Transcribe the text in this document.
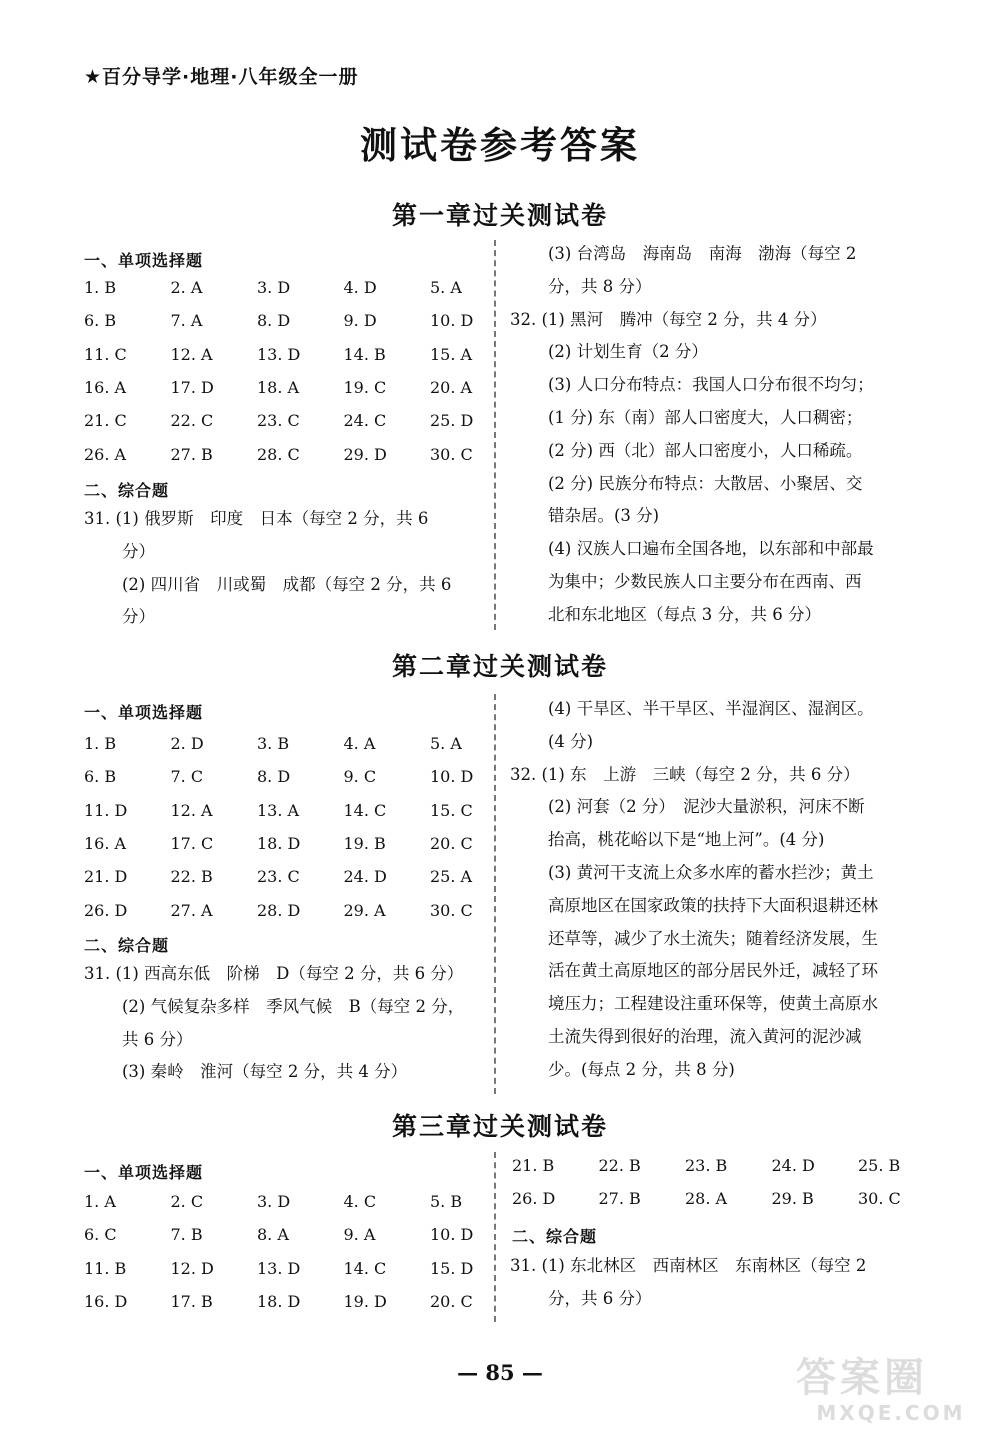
★百分导学·地理·八年级全一册
测试卷参考答案
第一章过关测试卷
一、单项选择题
1. B	2. A	3. D	4. D	5. A
6. B	7. A	8. D	9. D	10. D
11. C	12. A	13. D	14. B	15. A
16. A	17. D	18. A	19. C	20. A
21. C	22. C	23. C	24. C	25. D
26. A	27. B	28. C	29. D	30. C
二、综合题
31. (1) 俄罗斯　印度　日本（每空 2 分，共 6
分）
(2) 四川省　川或蜀　成都（每空 2 分，共 6
分）
(3) 台湾岛　海南岛　南海　渤海（每空 2
分，共 8 分）
32. (1) 黑河　腾冲（每空 2 分，共 4 分）
(2) 计划生育（2 分）
(3) 人口分布特点：我国人口分布很不均匀；
(1 分) 东（南）部人口密度大，人口稠密；
(2 分) 西（北）部人口密度小，人口稀疏。
(2 分) 民族分布特点：大散居、小聚居、交
错杂居。(3 分)
(4) 汉族人口遍布全国各地，以东部和中部最
为集中；少数民族人口主要分布在西南、西
北和东北地区（每点 3 分，共 6 分）
第二章过关测试卷
一、单项选择题
1. B	2. D	3. B	4. A	5. A
6. B	7. C	8. D	9. C	10. D
11. D	12. A	13. A	14. C	15. C
16. A	17. C	18. D	19. B	20. C
21. D	22. B	23. C	24. D	25. A
26. D	27. A	28. D	29. A	30. C
二、综合题
31. (1) 西高东低　阶梯　D（每空 2 分，共 6 分）
(2) 气候复杂多样　季风气候　B（每空 2 分，
共 6 分）
(3) 秦岭　淮河（每空 2 分，共 4 分）
(4) 干旱区、半干旱区、半湿润区、湿润区。
(4 分)
32. (1) 东　上游　三峡（每空 2 分，共 6 分）
(2) 河套（2 分）　泥沙大量淤积，河床不断
抬高，桃花峪以下是“地上河”。(4 分)
(3) 黄河干支流上众多水库的蓄水拦沙；黄土
高原地区在国家政策的扶持下大面积退耕还林
还草等，减少了水土流失；随着经济发展，生
活在黄土高原地区的部分居民外迁，减轻了环
境压力；工程建设注重环保等，使黄土高原水
土流失得到很好的治理，流入黄河的泥沙减
少。(每点 2 分，共 8 分)
第三章过关测试卷
一、单项选择题
1. A	2. C	3. D	4. C	5. B
6. C	7. B	8. A	9. A	10. D
11. B	12. D	13. D	14. C	15. D
16. D	17. B	18. D	19. D	20. C
21. B	22. B	23. B	24. D	25. B
26. D	27. B	28. A	29. B	30. C
二、综合题
31. (1) 东北林区　西南林区　东南林区（每空 2
分，共 6 分）
— 85 —	答案圈
MXQE.COM
